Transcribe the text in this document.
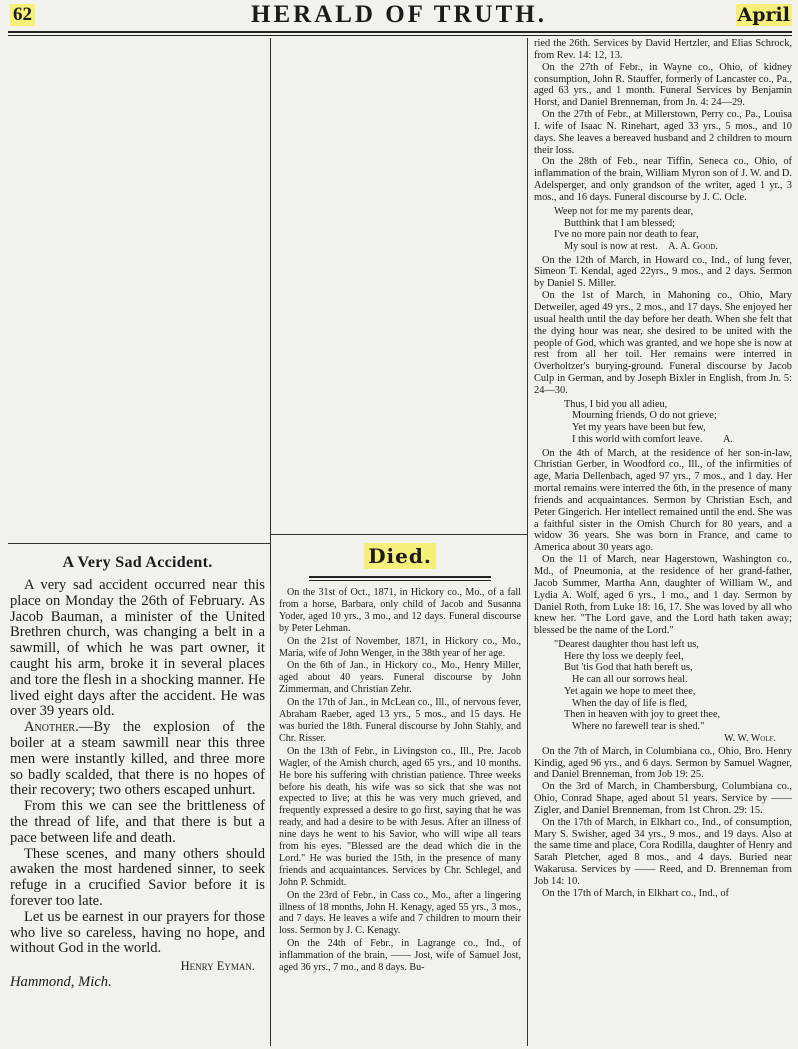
62	HERALD OF TRUTH.	April
A Very Sad Accident.

A very sad accident occurred near this place on Monday the 26th of February. As Jacob Bauman, a minister of the United Brethren church, was changing a belt in a sawmill, of which he was part owner, it caught his arm, broke it in several places and tore the flesh in a shocking manner. He lived eight days after the accident. He was over 39 years old.

Another.—By the explosion of the boiler at a steam sawmill near this three men were instantly killed, and three more so badly scalded, that there is no hopes of their recovery; two others escaped unhurt.

From this we can see the brittleness of the thread of life, and that there is but a pace between life and death.

These scenes, and many others should awaken the most hardened sinner, to seek refuge in a crucified Savior before it is forever too late.

Let us be earnest in our prayers for those who live so careless, having no hope, and without God in the world.

Henry Eyman.
Hammond, Mich.
Died.

On the 31st of Oct., 1871, in Hickory co., Mo., of a fall from a horse, Barbara, only child of Jacob and Susanna Yoder, aged 10 yrs., 3 mo., and 12 days. Funeral discourse by Peter Lehman.

On the 21st of November, 1871, in Hickory co., Mo., Maria, wife of John Wenger, in the 38th year of her age.

On the 6th of Jan., in Hickory co., Mo., Henry Miller, aged about 40 years. Funeral discourse by John Zimmerman, and Christian Zehr.

On the 17th of Jan., in McLean co., Ill., of nervous fever, Abraham Raeber, aged 13 yrs., 5 mos., and 15 days. He was buried the 18th. Funeral discourse by John Stahly, and Chr. Risser.

On the 13th of Febr., in Livingston co., Ill., Pre. Jacob Wagler, of the Amish church, aged 65 yrs., and 10 months. He bore his suffering with christian patience. Three weeks before his death, his wife was so sick that she was not expected to live; at this he was very much grieved, and frequently expressed a desire to go first, saying that he was ready, and had a desire to be with Jesus. After an illness of nine days he went to his Savior, who will wipe all tears from his eyes. "Blessed are the dead which die in the Lord." He was buried the 15th, in the presence of many friends and acquaintances. Services by Chr. Schlegel, and John P. Schmidt.

On the 23rd of Febr., in Cass co., Mo., after a lingering illness of 18 months, John H. Kenagy, aged 55 yrs., 3 mos., and 7 days. He leaves a wife and 7 children to mourn their loss. Sermon by J. C. Kenagy.

On the 24th of Febr., in Lagrange co., Ind., of inflammation of the brain, —— Jost, wife of Samuel Jost, aged 36 yrs., 7 mo., and 8 days. Bu-

ried the 26th. Services by David Hertzler, and Elias Schrock, from Rev. 14: 12, 13.

On the 27th of Febr., in Wayne co., Ohio, of kidney consumption, John R. Stauffer, formerly of Lancaster co., Pa., aged 63 yrs., and 1 month. Funeral Services by Benjamin Horst, and Daniel Brenneman, from Jn. 4: 24—29.

On the 27th of Febr., at Millerstown, Perry co., Pa., Louisa I. wife of Isaac N. Rinehart, aged 33 yrs., 5 mos., and 10 days. She leaves a bereaved husband and 2 children to mourn their loss.

On the 28th of Feb., near Tiffin, Seneca co., Ohio, of inflammation of the brain, William Myron son of J. W. and D. Adelsperger, and only grandson of the writer, aged 1 yr., 3 mos., and 16 days. Funeral discourse by J. C. Ocle.

Weep not for me my parents dear,
Butthink that I am blessed;
I've no more pain nor death to fear,
My soul is now at rest. A. A. Good.

On the 12th of March, in Howard co., Ind., of lung fever, Simeon T. Kendal, aged 22yrs., 9 mos., and 2 days. Sermon by Daniel S. Miller.

On the 1st of March, in Mahoning co., Ohio, Mary Detweiler, aged 49 yrs., 2 mos., and 17 days. She enjoyed her usual health until the day before her death. When she felt that the dying hour was near, she desired to be united with the people of God, which was granted, and we hope she is now at rest from all her toil. Her remains were interred in Overholtzer's burying-ground. Funeral discourse by Jacob Culp in German, and by Joseph Bixler in English, from Jn. 5: 24—30.

Thus, I bid you all adieu,
Mourning friends, O do not grieve;
Yet my years have been but few,
I this world with comfort leave. A.

On the 4th of March, at the residence of her son-in-law, Christian Gerber, in Woodford co., Ill., of the infirmities of age, Maria Dellenbach, aged 97 yrs., 7 mos., and 1 day. Her mortal remains were interred the 6th, in the presence of many friends and acquaintances. Sermon by Christian Esch, and Peter Gingerich. Her intellect remained until the end. She was a faithful sister in the Omish Church for 80 years, and a widow 36 years. She was born in France, and came to America about 30 years ago.

On the 11 of March, near Hagerstown, Washington co., Md., of Pneumonia, at the residence of her grand-father, Jacob Summer, Martha Ann, daughter of William W., and Lydia A. Wolf, aged 6 yrs., 1 mo., and 1 day. Sermon by Daniel Roth, from Luke 18: 16, 17. She was loved by all who knew her. "The Lord gave, and the Lord hath taken away; blessed be the name of the Lord."

"Dearest daughter thou hast left us,
Here thy loss we deeply feel,
But 'tis God that hath bereft us,
He can all our sorrows heal.
Yet again we hope to meet thee,
When the day of life is fled,
Then in heaven with joy to greet thee,
Where no farewell tear is shed."
W. W. Wolf.

On the 7th of March, in Columbiana co., Ohio, Bro. Henry Kindig, aged 96 yrs., and 6 days. Sermon by Samuel Wagner, and Daniel Brenneman, from Job 19: 25.

On the 3rd of March, in Chambersburg, Columbiana co., Ohio, Conrad Shape, aged about 51 years. Service by —— Zigler, and Daniel Brenneman, from 1st Chron. 29: 15.

On the 17th of March, in Elkhart co., Ind., of consumption, Mary S. Swisher, aged 34 yrs., 9 mos., and 19 days. Also at the same time and place, Cora Rodilla, daughter of Henry and Sarah Pletcher, aged 8 mos., and 4 days. Buried near Wakarusa. Services by —— Reed, and D. Brenneman from Job 14: 10.

On the 17th of March, in Elkhart co., Ind., of
